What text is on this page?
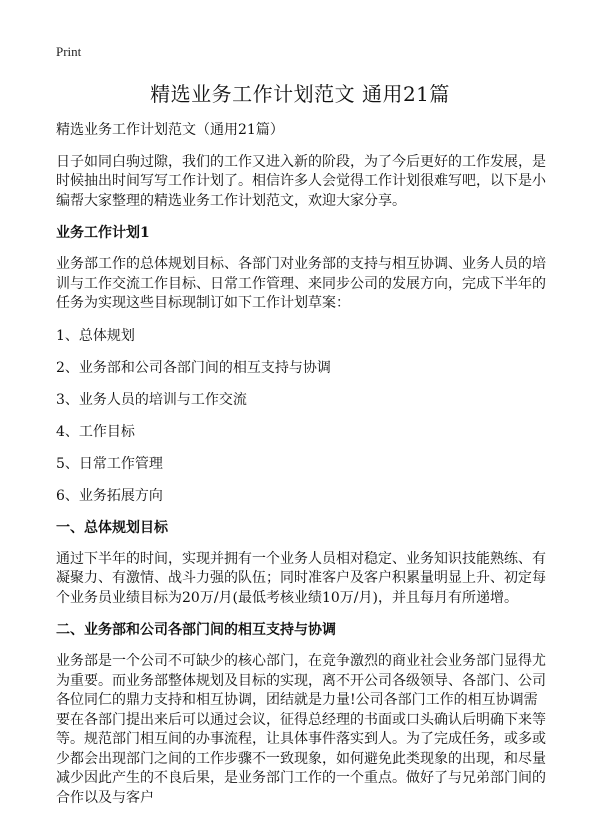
Print
精选业务工作计划范文 通用21篇

精选业务工作计划范文（通用21篇）

日子如同白驹过隙，我们的工作又进入新的阶段，为了今后更好的工作发展，是时候抽出时间写写工作计划了。相信许多人会觉得工作计划很难写吧，以下是小编帮大家整理的精选业务工作计划范文，欢迎大家分享。

业务工作计划1

业务部工作的总体规划目标、各部门对业务部的支持与相互协调、业务人员的培训与工作交流工作目标、日常工作管理、来同步公司的发展方向，完成下半年的任务为实现这些目标现制订如下工作计划草案：

1、总体规划

2、业务部和公司各部门间的相互支持与协调

3、业务人员的培训与工作交流

4、工作目标

5、日常工作管理

6、业务拓展方向

一、总体规划目标

通过下半年的时间，实现并拥有一个业务人员相对稳定、业务知识技能熟练、有凝聚力、有激情、战斗力强的队伍；同时准客户及客户积累量明显上升、初定每个业务员业绩目标为20万/月(最低考核业绩10万/月)，并且每月有所递增。

二、业务部和公司各部门间的相互支持与协调

业务部是一个公司不可缺少的核心部门，在竞争激烈的商业社会业务部门显得尤为重要。而业务部整体规划及目标的实现，离不开公司各级领导、各部门、公司各位同仁的鼎力支持和相互协调，团结就是力量!公司各部门工作的相互协调需要在各部门提出来后可以通过会议，征得总经理的书面或口头确认后明确下来等等。规范部门相互间的办事流程，让具体事件落实到人。为了完成任务，或多或少都会出现部门之间的工作步骤不一致现象，如何避免此类现象的出现，和尽量减少因此产生的不良后果，是业务部门工作的一个重点。做好了与兄弟部门间的合作以及与客户
